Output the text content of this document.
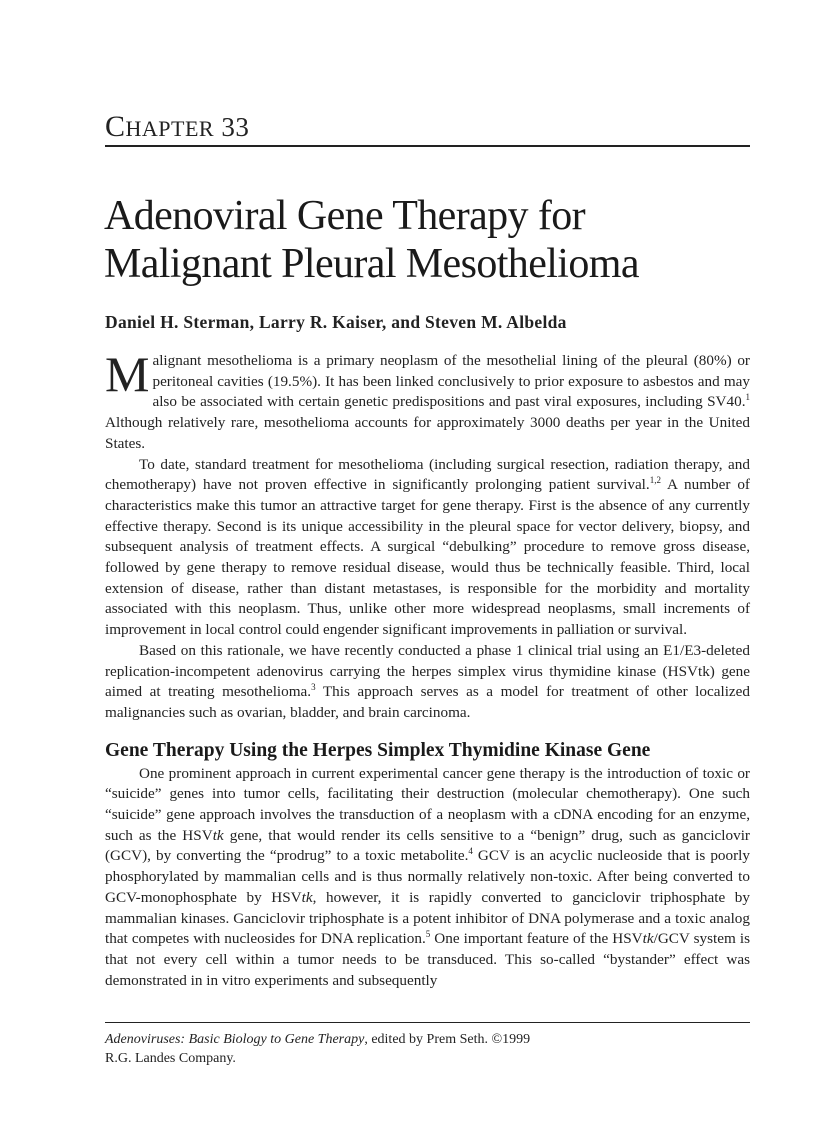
CHAPTER 33
Adenoviral Gene Therapy for
Malignant Pleural Mesothelioma
Daniel H. Sterman, Larry R. Kaiser, and Steven M. Albelda

Malignant mesothelioma is a primary neoplasm of the mesothelial lining of the pleural (80%) or peritoneal cavities (19.5%). It has been linked conclusively to prior exposure to asbestos and may also be associated with certain genetic predispositions and past viral exposures, including SV40.$^1$ Although relatively rare, mesothelioma accounts for approximately 3000 deaths per year in the United States.

To date, standard treatment for mesothelioma (including surgical resection, radiation therapy, and chemotherapy) have not proven effective in significantly prolonging patient survival.$^{1,2}$ A number of characteristics make this tumor an attractive target for gene therapy. First is the absence of any currently effective therapy. Second is its unique accessibility in the pleural space for vector delivery, biopsy, and subsequent analysis of treatment effects. A surgical “debulking” procedure to remove gross disease, followed by gene therapy to remove residual disease, would thus be technically feasible. Third, local extension of disease, rather than distant metastases, is responsible for the morbidity and mortality associated with this neoplasm. Thus, unlike other more widespread neoplasms, small increments of improvement in local control could engender significant improvements in palliation or survival.

Based on this rationale, we have recently conducted a phase 1 clinical trial using an E1/E3-deleted replication-incompetent adenovirus carrying the herpes simplex virus thymidine kinase (HSVtk) gene aimed at treating mesothelioma.$^3$ This approach serves as a model for treatment of other localized malignancies such as ovarian, bladder, and brain carcinoma.

Gene Therapy Using the Herpes Simplex Thymidine Kinase Gene

One prominent approach in current experimental cancer gene therapy is the introduction of toxic or “suicide” genes into tumor cells, facilitating their destruction (molecular chemotherapy). One such “suicide” gene approach involves the transduction of a neoplasm with a cDNA encoding for an enzyme, such as the HSVtk gene, that would render its cells sensitive to a “benign” drug, such as ganciclovir (GCV), by converting the “prodrug” to a toxic metabolite.$^4$ GCV is an acyclic nucleoside that is poorly phosphorylated by mammalian cells and is thus normally relatively non-toxic. After being converted to GCV-monophosphate by HSVtk, however, it is rapidly converted to ganciclovir triphosphate by mammalian kinases. Ganciclovir triphosphate is a potent inhibitor of DNA polymerase and a toxic analog that competes with nucleosides for DNA replication.$^5$ One important feature of the HSVtk/GCV system is that not every cell within a tumor needs to be transduced. This so-called “bystander” effect was demonstrated in in vitro experiments and subsequently

Adenoviruses: Basic Biology to Gene Therapy, edited by Prem Seth. ©1999
R.G. Landes Company.
